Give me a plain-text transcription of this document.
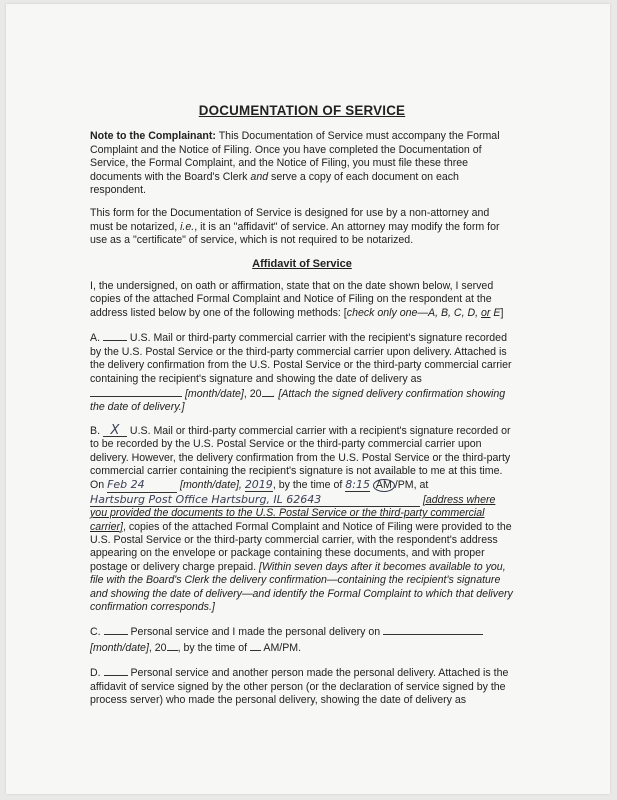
DOCUMENTATION OF SERVICE

Note to the Complainant: This Documentation of Service must accompany the Formal Complaint and the Notice of Filing. Once you have completed the Documentation of Service, the Formal Complaint, and the Notice of Filing, you must file these three documents with the Board's Clerk and serve a copy of each document on each respondent.

This form for the Documentation of Service is designed for use by a non-attorney and must be notarized, i.e., it is an "affidavit" of service. An attorney may modify the form for use as a "certificate" of service, which is not required to be notarized.

Affidavit of Service

I, the undersigned, on oath or affirmation, state that on the date shown below, I served copies of the attached Formal Complaint and Notice of Filing on the respondent at the address listed below by one of the following methods: [check only one—A, B, C, D, or E]

A.	U.S. Mail or third-party commercial carrier with the recipient's signature recorded by the U.S. Postal Service or the third-party commercial carrier upon delivery. Attached is the delivery confirmation from the U.S. Postal Service or the third-party commercial carrier containing the recipient's signature and showing the date of delivery as  [month/date], 20 . [Attach the signed delivery confirmation showing the date of delivery.]

B. X U.S. Mail or third-party commercial carrier with a recipient's signature recorded or to be recorded by the U.S. Postal Service or the third-party commercial carrier upon delivery. However, the delivery confirmation from the U.S. Postal Service or the third-party commercial carrier containing the recipient's signature is not available to me at this time. On Feb 24	[month/date], 2019, by the time of 8:15 AM /PM, at Hartsburg Post Office Hartsburg, IL 62643	[address where you provided the documents to the U.S. Postal Service or the third-party commercial carrier], copies of the attached Formal Complaint and Notice of Filing were provided to the U.S. Postal Service or the third-party commercial carrier, with the respondent's address appearing on the envelope or package containing these documents, and with proper postage or delivery charge prepaid. [Within seven days after it becomes available to you, file with the Board's Clerk the delivery confirmation—containing the recipient's signature and showing the date of delivery—and identify the Formal Complaint to which that delivery confirmation corresponds.]

C.	Personal service and I made the personal delivery on  [month/date], 20 , by the time of  AM/PM.

D.	Personal service and another person made the personal delivery. Attached is the affidavit of service signed by the other person (or the declaration of service signed by the process server) who made the personal delivery, showing the date of delivery as
